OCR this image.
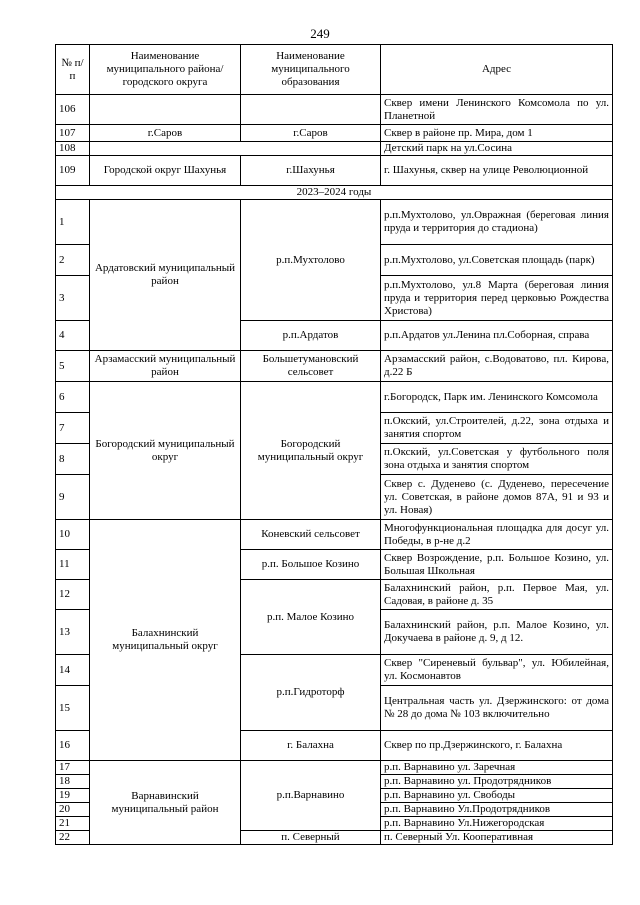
249
№ п/п	Наименование муниципального района/ городского округа	Наименование муниципального образования	Адрес
106			Сквер имени Ленинского Комсомола по ул. Планетной
107	г.Саров	г.Саров	Сквер в районе пр. Мира, дом 1
108			Детский парк на ул.Сосина
109	Городской округ Шахунья	г.Шахунья	г. Шахунья, сквер на улице Революционной
2023–2024 годы			
1	Ардатовский муниципальный район	р.п.Мухтолово	р.п.Мухтолово, ул.Овражная (береговая линия пруда и территория до стадиона)
2			р.п.Мухтолово, ул.Советская площадь (парк)
3			р.п.Мухтолово, ул.8 Марта (береговая линия пруда и территория перед церковью Рождества Христова)
4		р.п.Ардатов	р.п.Ардатов ул.Ленина пл.Соборная, справа
5	Арзамасский муниципальный район	Большетумановский сельсовет	Арзамасский район, с.Водоватово, пл. Кирова, д.22 Б
6	Богородский муниципальный округ	Богородский муниципальный округ	г.Богородск, Парк им. Ленинского Комсомола
7			п.Окский, ул.Строителей, д.22, зона отдыха и занятия спортом
8			п.Окский, ул.Советская у футбольного поля зона отдыха и занятия спортом
9			Сквер с. Дуденево (с. Дуденево, пересечение ул. Советская, в районе домов 87А, 91 и 93 и ул. Новая)
10	Балахнинский муниципальный округ	Коневский сельсовет	Многофункциональная площадка для досуг ул. Победы, в р-не д.2
11		р.п. Большое Козино	Сквер Возрождение, р.п. Большое Козино, ул. Большая Школьная
12		р.п. Малое Козино	Балахнинский район, р.п. Первое Мая, ул. Садовая, в районе д. 35
13			Балахнинский район, р.п. Малое Козино, ул. Докучаева в районе д. 9, д 12.
14		р.п.Гидроторф	Сквер "Сиреневый бульвар", ул. Юбилейная, ул. Космонавтов
15			Центральная часть ул. Дзержинского: от дома № 28 до дома № 103 включительно
16		г. Балахна	Сквер по пр.Дзержинского, г. Балахна
17	Варнавинский муниципальный район	р.п.Варнавино	р.п. Варнавино ул. Заречная
18			р.п. Варнавино ул. Продотрядников
19			р.п. Варнавино ул. Свободы
20			р.п. Варнавино Ул.Продотрядников
21			р.п. Варнавино Ул.Нижегородская
22		п. Северный	п. Северный Ул. Кооперативная
